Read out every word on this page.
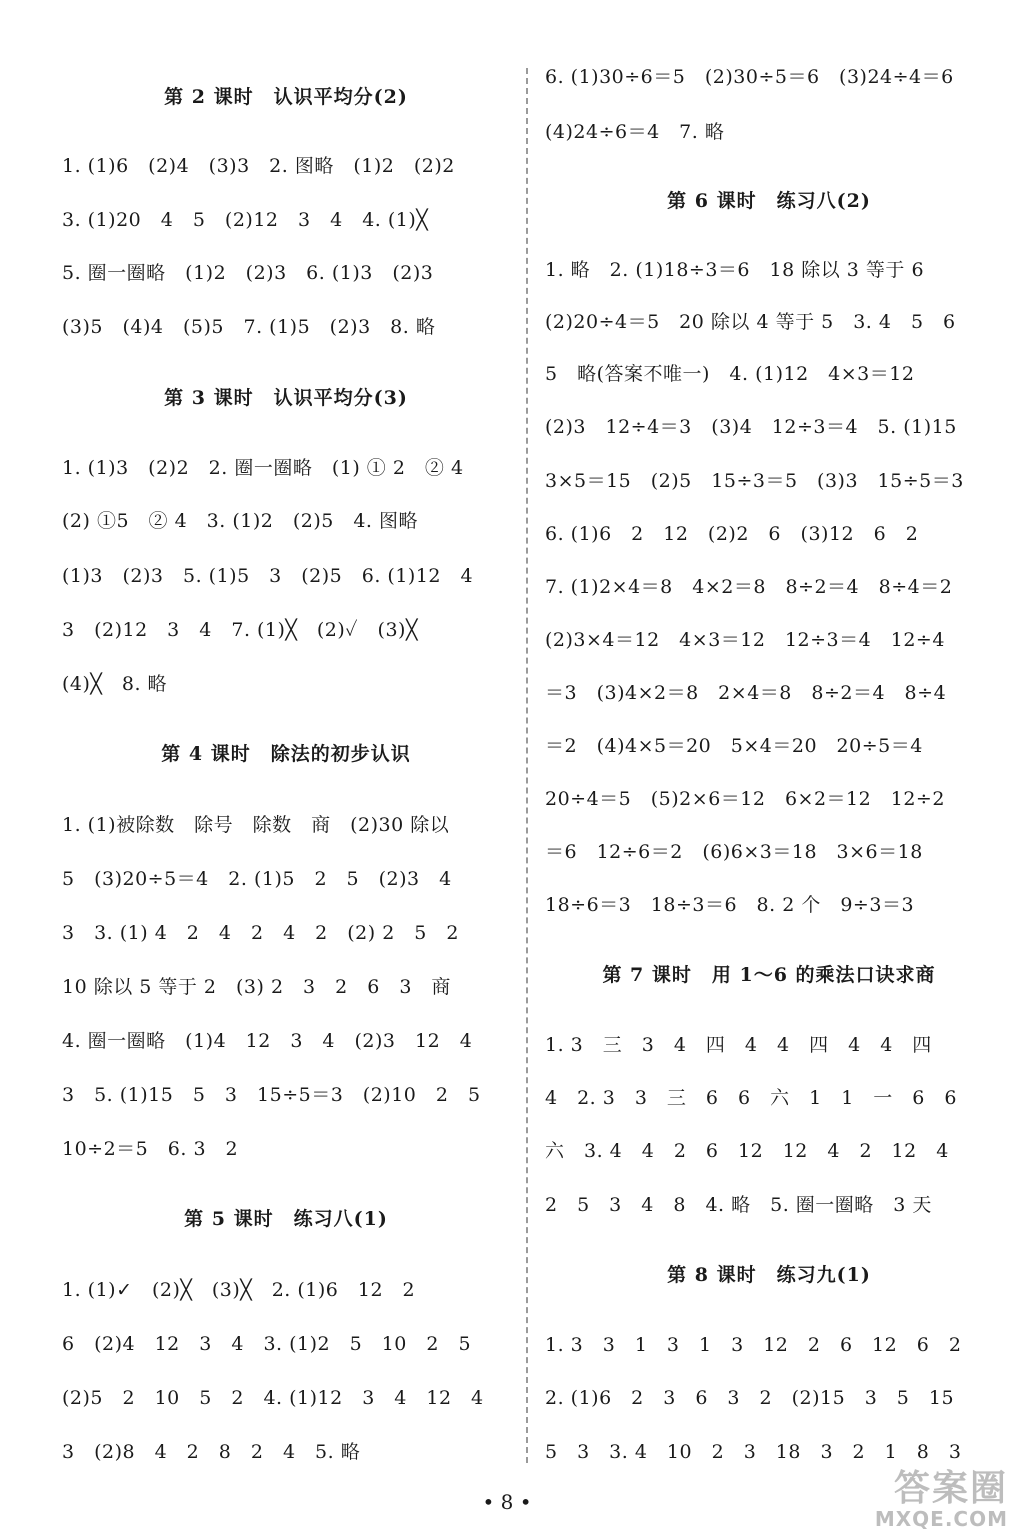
第 2 课时　认识平均分(2)
1. (1)6　(2)4　(3)3　2. 图略　(1)2　(2)2
3. (1)20　4　5　(2)12　3　4　4. (1)╳
5. 圈一圈略　(1)2　(2)3　6. (1)3　(2)3
(3)5　(4)4　(5)5　7. (1)5　(2)3　8. 略
第 3 课时　认识平均分(3)
1. (1)3　(2)2　2. 圈一圈略　(1) ① 2　② 4
(2) ①5　② 4　3. (1)2　(2)5　4. 图略
(1)3　(2)3　5. (1)5　3　(2)5　6. (1)12　4
3　(2)12　3　4　7. (1)╳　(2)✓　(3)╳
(4)╳　8. 略
第 4 课时　除法的初步认识
1. (1)被除数　除号　除数　商　(2)30 除以
5　(3)20÷5＝4　2. (1)5　2　5　(2)3　4
3　3. (1) 4　2　4　2　4　2　(2) 2　5　2
10 除以 5 等于 2　(3) 2　3　2　6　3　商
4. 圈一圈略　(1)4　12　3　4　(2)3　12　4
3　5. (1)15　5　3　15÷5＝3　(2)10　2　5
10÷2＝5　6. 3　2
第 5 课时　练习八(1)
1. (1)✓　(2)╳　(3)╳　2. (1)6　12　2
6　(2)4　12　3　4　3. (1)2　5　10　2　5
(2)5　2　10　5　2　4. (1)12　3　4　12　4
3　(2)8　4　2　8　2　4　5. 略
6. (1)30÷6＝5　(2)30÷5＝6　(3)24÷4＝6
(4)24÷6＝4　7. 略
第 6 课时　练习八(2)
1. 略　2. (1)18÷3＝6　18 除以 3 等于 6
(2)20÷4＝5　20 除以 4 等于 5　3. 4　5　6
5　略(答案不唯一)　4. (1)12　4×3＝12
(2)3　12÷4＝3　(3)4　12÷3＝4　5. (1)15
3×5＝15　(2)5　15÷3＝5　(3)3　15÷5＝3
6. (1)6　2　12　(2)2　6　(3)12　6　2
7. (1)2×4＝8　4×2＝8　8÷2＝4　8÷4＝2
(2)3×4＝12　4×3＝12　12÷3＝4　12÷4
＝3　(3)4×2＝8　2×4＝8　8÷2＝4　8÷4
＝2　(4)4×5＝20　5×4＝20　20÷5＝4
20÷4＝5　(5)2×6＝12　6×2＝12　12÷2
＝6　12÷6＝2　(6)6×3＝18　3×6＝18
18÷6＝3　18÷3＝6　8. 2 个　9÷3＝3
第 7 课时　用 1～6 的乘法口诀求商
1. 3　三　3　4　四　4　4　四　4　4　四
4　2. 3　3　三　6　6　六　1　1　一　6　6
六　3. 4　4　2　6　12　12　4　2　12　4
2　5　3　4　8　4. 略　5. 圈一圈略　3 天
第 8 课时　练习九(1)
1. 3　3　1　3　1　3　12　2　6　12　6　2
2. (1)6　2　3　6　3　2　(2)15　3　5　15
5　3　3. 4　10　2　3　18　3　2　1　8　3
• 8 •	答案圈
MXQE.COM
